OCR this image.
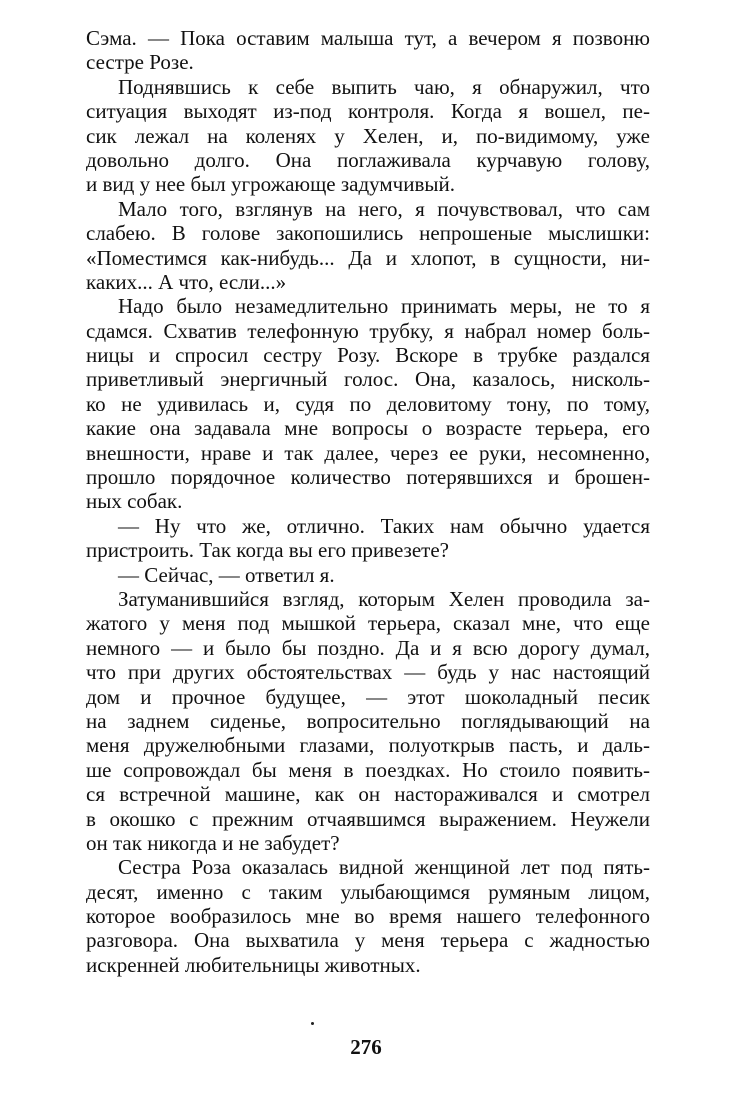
Сэма. — Пока оставим малыша тут, а вечером я позвоню
сестре Розе.
Поднявшись к себе выпить чаю, я обнаружил, что
ситуация выходят из-под контроля. Когда я вошел, пе-
сик лежал на коленях у Хелен, и, по-видимому, уже
довольно долго. Она поглаживала курчавую голову,
и вид у нее был угрожающе задумчивый.
Мало того, взглянув на него, я почувствовал, что сам
слабею. В голове закопошились непрошеные мыслишки:
«Поместимся как-нибудь... Да и хлопот, в сущности, ни-
каких... А что, если...»
Надо было незамедлительно принимать меры, не то я
сдамся. Схватив телефонную трубку, я набрал номер боль-
ницы и спросил сестру Розу. Вскоре в трубке раздался
приветливый энергичный голос. Она, казалось, нисколь-
ко не удивилась и, судя по деловитому тону, по тому,
какие она задавала мне вопросы о возрасте терьера, его
внешности, нраве и так далее, через ее руки, несомненно,
прошло порядочное количество потерявшихся и брошен-
ных собак.
— Ну что же, отлично. Таких нам обычно удается
пристроить. Так когда вы его привезете?
— Сейчас, — ответил я.
Затуманившийся взгляд, которым Хелен проводила за-
жатого у меня под мышкой терьера, сказал мне, что еще
немного — и было бы поздно. Да и я всю дорогу думал,
что при других обстоятельствах — будь у нас настоящий
дом и прочное будущее, — этот шоколадный песик
на заднем сиденье, вопросительно поглядывающий на
меня дружелюбными глазами, полуоткрыв пасть, и даль-
ше сопровождал бы меня в поездках. Но стоило появить-
ся встречной машине, как он настораживался и смотрел
в окошко с прежним отчаявшимся выражением. Неужели
он так никогда и не забудет?
Сестра Роза оказалась видной женщиной лет под пять-
десят, именно с таким улыбающимся румяным лицом,
которое вообразилось мне во время нашего телефонного
разговора. Она выхватила у меня терьера с жадностью
искренней любительницы животных.
276
